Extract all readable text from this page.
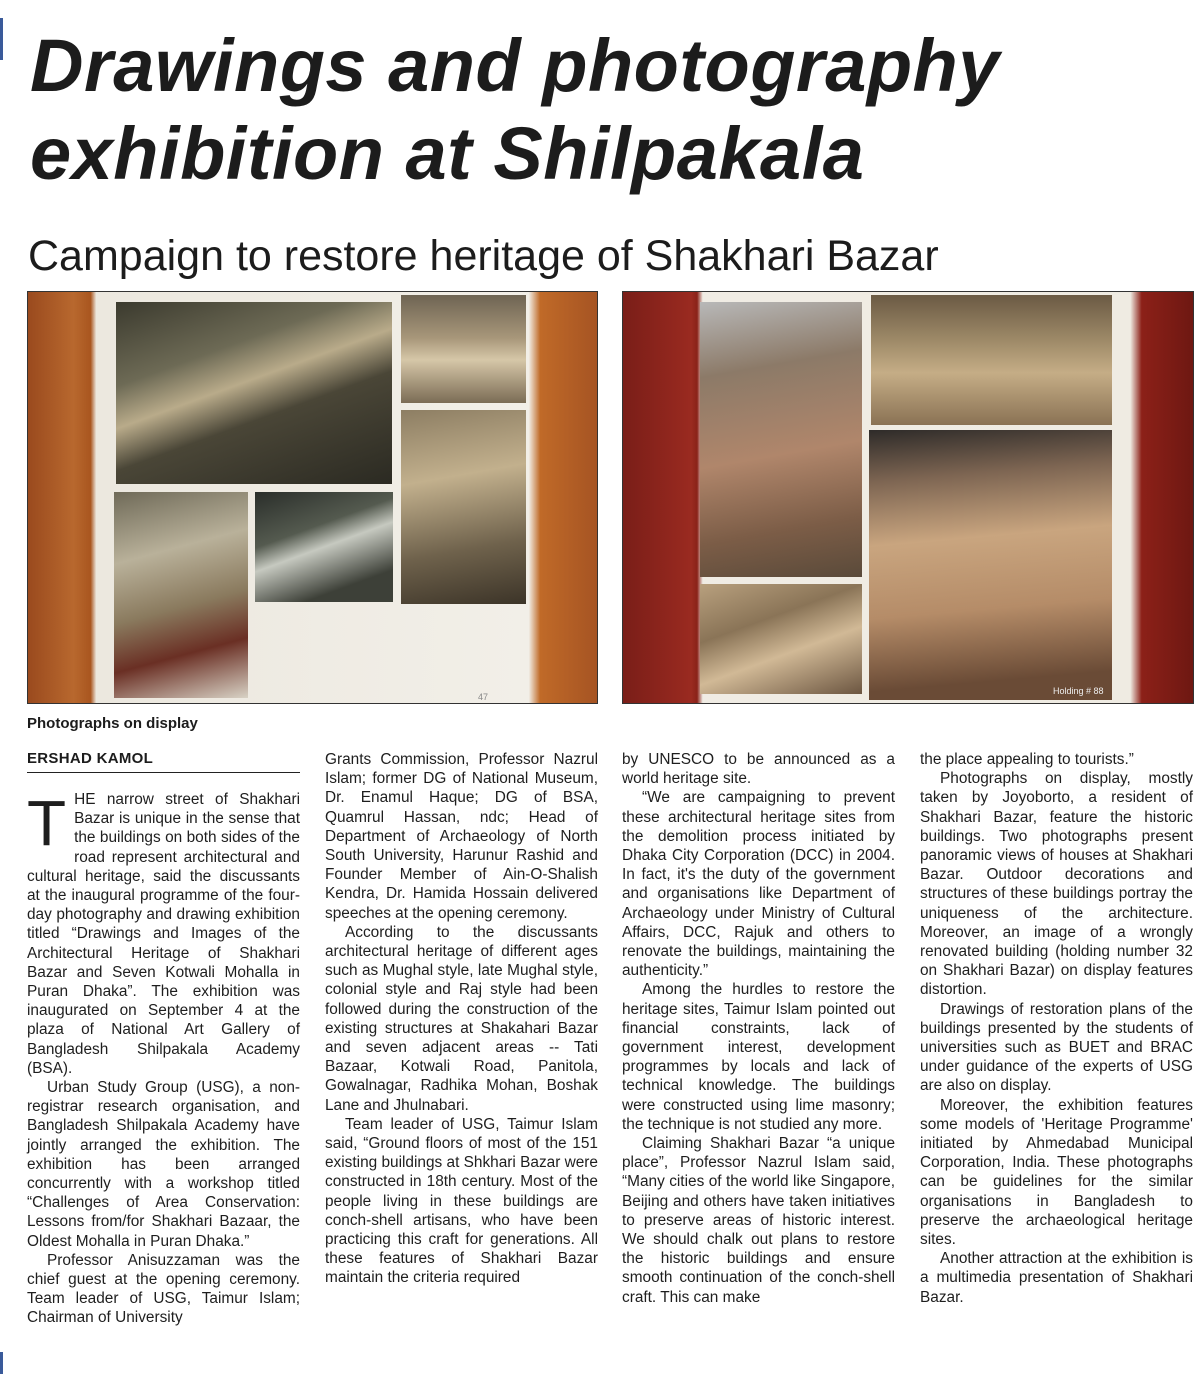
Drawings and photography exhibition at Shilpakala
Campaign to restore heritage of Shakhari Bazar
47
Holding # 88

Photographs on display

ERSHAD KAMOL

THE narrow street of Shakhari Bazar is unique in the sense that the buildings on both sides of the road represent architectural and cultural heritage, said the discussants at the inaugural programme of the four-day photography and drawing exhibition titled “Drawings and Images of the Architectural Heritage of Shakhari Bazar and Seven Kotwali Mohalla in Puran Dhaka”. The exhibition was inaugurated on September 4 at the plaza of National Art Gallery of Bangladesh Shilpakala Academy (BSA).

Urban Study Group (USG), a non-registrar research organisation, and Bangladesh Shilpakala Academy have jointly arranged the exhibition. The exhibition has been arranged concurrently with a workshop titled “Challenges of Area Conservation: Lessons from/for Shakhari Bazaar, the Oldest Mohalla in Puran Dhaka.”

Professor Anisuzzaman was the chief guest at the opening ceremony. Team leader of USG, Taimur Islam; Chairman of University

Grants Commission, Professor Nazrul Islam; former DG of National Museum, Dr. Enamul Haque; DG of BSA, Quamrul Hassan, ndc; Head of Department of Archaeology of North South University, Harunur Rashid and Founder Member of Ain-O-Shalish Kendra, Dr. Hamida Hossain delivered speeches at the opening ceremony.

According to the discussants architectural heritage of different ages such as Mughal style, late Mughal style, colonial style and Raj style had been followed during the construction of the existing structures at Shakahari Bazar and seven adjacent areas -- Tati Bazaar, Kotwali Road, Panitola, Gowalnagar, Radhika Mohan, Boshak Lane and Jhulnabari.

Team leader of USG, Taimur Islam said, “Ground floors of most of the 151 existing buildings at Shkhari Bazar were constructed in 18th century. Most of the people living in these buildings are conch-shell artisans, who have been practicing this craft for generations. All these features of Shakhari Bazar maintain the criteria required

by UNESCO to be announced as a world heritage site.

“We are campaigning to prevent these architectural heritage sites from the demolition process initiated by Dhaka City Corporation (DCC) in 2004. In fact, it's the duty of the government and organisations like Department of Archaeology under Ministry of Cultural Affairs, DCC, Rajuk and others to renovate the buildings, maintaining the authenticity.”

Among the hurdles to restore the heritage sites, Taimur Islam pointed out financial constraints, lack of government interest, development programmes by locals and lack of technical knowledge. The buildings were constructed using lime masonry; the technique is not studied any more.

Claiming Shakhari Bazar “a unique place”, Professor Nazrul Islam said, “Many cities of the world like Singapore, Beijing and others have taken initiatives to preserve areas of historic interest. We should chalk out plans to restore the historic buildings and ensure smooth continuation of the conch-shell craft. This can make

the place appealing to tourists.”

Photographs on display, mostly taken by Joyoborto, a resident of Shakhari Bazar, feature the historic buildings. Two photographs present panoramic views of houses at Shakhari Bazar. Outdoor decorations and structures of these buildings portray the uniqueness of the architecture. Moreover, an image of a wrongly renovated building (holding number 32 on Shakhari Bazar) on display features distortion.

Drawings of restoration plans of the buildings presented by the students of universities such as BUET and BRAC under guidance of the experts of USG are also on display.

Moreover, the exhibition features some models of 'Heritage Programme' initiated by Ahmedabad Municipal Corporation, India. These photographs can be guidelines for the similar organisations in Bangladesh to preserve the archaeological heritage sites.

Another attraction at the exhibition is a multimedia presentation of Shakhari Bazar.
